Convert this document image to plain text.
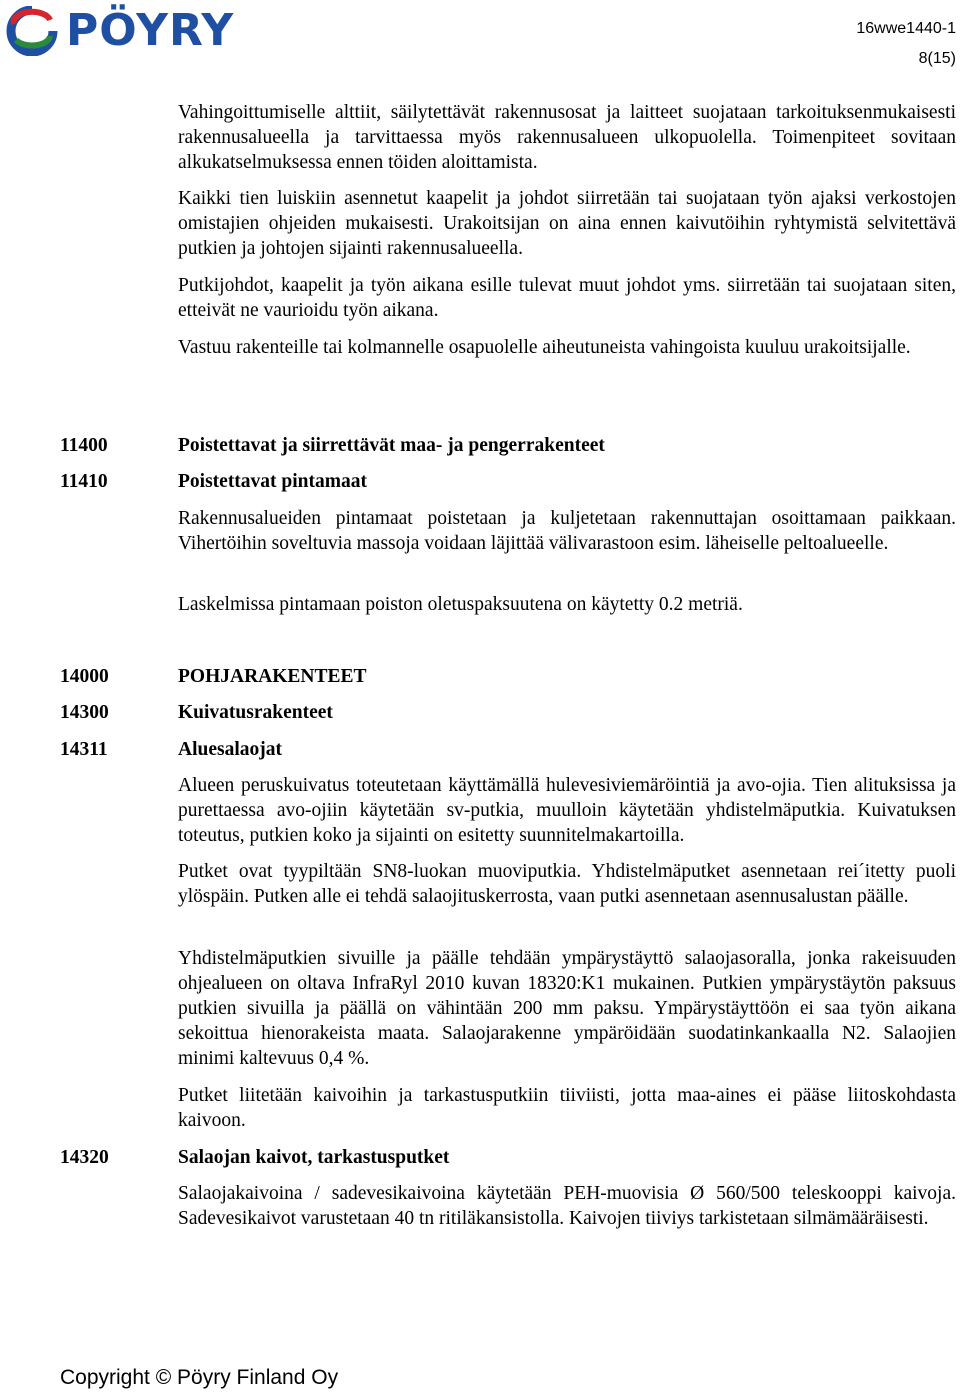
PÖYRY	16wwe1440-1
8(15)

Vahingoittumiselle alttiit, säilytettävät rakennusosat ja laitteet suojataan tarkoituksenmukaisesti rakennusalueella ja tarvittaessa myös rakennusalueen ulkopuolella. Toimenpiteet sovitaan alkukatselmuksessa ennen töiden aloittamista.

Kaikki tien luiskiin asennetut kaapelit ja johdot siirretään tai suojataan työn ajaksi verkostojen omistajien ohjeiden mukaisesti. Urakoitsijan on aina ennen kaivutöihin ryhtymistä selvitettävä putkien ja johtojen sijainti rakennusalueella.

Putkijohdot, kaapelit ja työn aikana esille tulevat muut johdot yms. siirretään tai suojataan siten, etteivät ne vaurioidu työn aikana.

Vastuu rakenteille tai kolmannelle osapuolelle aiheutuneista vahingoista kuuluu urakoitsijalle.

11400	Poistettavat ja siirrettävät maa- ja pengerrakenteet
11410	Poistettavat pintamaat

Rakennusalueiden pintamaat poistetaan ja kuljetetaan rakennuttajan osoittamaan paikkaan. Vihertöihin soveltuvia massoja voidaan läjittää välivarastoon esim. läheiselle peltoalueelle.

Laskelmissa pintamaan poiston oletuspaksuutena on käytetty 0.2 metriä.

14000	POHJARAKENTEET
14300	Kuivatusrakenteet
14311	Aluesalaojat

Alueen peruskuivatus toteutetaan käyttämällä hulevesiviemäröintiä ja avo-ojia. Tien alituksissa ja purettaessa avo-ojiin käytetään sv-putkia, muulloin käytetään yhdistelmäputkia. Kuivatuksen toteutus, putkien koko ja sijainti on esitetty suunnitelmakartoilla.

Putket ovat tyypiltään SN8-luokan muoviputkia. Yhdistelmäputket asennetaan rei´itetty puoli ylöspäin. Putken alle ei tehdä salaojituskerrosta, vaan putki asennetaan asennusalustan päälle.

Yhdistelmäputkien sivuille ja päälle tehdään ympärystäyttö salaojasoralla, jonka rakeisuuden ohjealueen on oltava InfraRyl 2010 kuvan 18320:K1 mukainen. Putkien ympärystäytön paksuus putkien sivuilla ja päällä on vähintään 200 mm paksu. Ympärystäyttöön ei saa työn aikana sekoittua hienorakeista maata. Salaojarakenne ympäröidään suodatinkankaalla N2. Salaojien minimi kaltevuus 0,4 %.

Putket liitetään kaivoihin ja tarkastusputkiin tiiviisti, jotta maa-aines ei pääse liitoskohdasta kaivoon.

14320	Salaojan kaivot, tarkastusputket

Salaojakaivoina / sadevesikaivoina käytetään PEH-muovisia Ø 560/500 teleskooppi kaivoja. Sadevesikaivot varustetaan 40 tn ritiläkansistolla. Kaivojen tiiviys tarkistetaan silmämääräisesti.

Copyright © Pöyry Finland Oy
